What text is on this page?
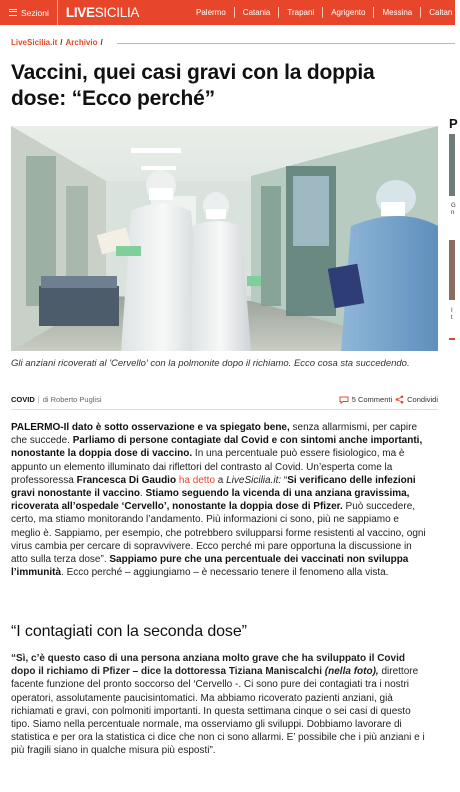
Sezioni LIVESICILIA	Palermo	Catania	Trapani	Agrigento	Messina	Caltan
LiveSicilia.it / Archivio /
Vaccini, quei casi gravi con la doppia dose: “Ecco perché”
Gli anziani ricoverati al 'Cervello' con la polmonite dopo il richiamo. Ecco cosa sta succedendo.
COVID | di Roberto Puglisi	5 Commenti Condividi

PALERMO-Il dato è sotto osservazione e va spiegato bene, senza allarmismi, per capire che succede. Parliamo di persone contagiate dal Covid e con sintomi anche importanti, nonostante la doppia dose di vaccino. In una percentuale può essere fisiologico, ma è appunto un elemento illuminato dai riflettori del contrasto al Covid. Un’esperta come la professoressa Francesca Di Gaudio ha detto a LiveSicilia.it: “Si verificano delle infezioni gravi nonostante il vaccino. Stiamo seguendo la vicenda di una anziana gravissima, ricoverata all’ospedale ‘Cervello’, nonostante la doppia dose di Pfizer. Può succedere, certo, ma stiamo monitorando l’andamento. Più informazioni ci sono, più ne sappiamo e meglio è. Sappiamo, per esempio, che potrebbero svilupparsi forme resistenti al vaccino, ogni virus cambia per cercare di sopravvivere. Ecco perché mi pare opportuna la discussione in atto sulla terza dose”. Sappiamo pure che una percentuale dei vaccinati non sviluppa l’immunità. Ecco perché – aggiungiamo – è necessario tenere il fenomeno alla vista.

“I contagiati con la seconda dose”

“Sì, c’è questo caso di una persona anziana molto grave che ha sviluppato il Covid dopo il richiamo di Pfizer – dice la dottoressa Tiziana Maniscalchi (nella foto), direttore facente funzione del pronto soccorso del ‘Cervello -. Ci sono pure dei contagiati tra i nostri operatori, assolutamente paucisintomatici. Ma abbiamo ricoverato pazienti anziani, già richiamati e gravi, con polmoniti importanti. In questa settimana cinque o sei casi di questo tipo. Siamo nella percentuale normale, ma osserviamo gli sviluppi. Dobbiamo lavorare di statistica e per ora la statistica ci dice che non ci sono allarmi. E’ possibile che i più anziani e i più fragili siano in qualche misura più esposti”.

P
G
n
I
t
